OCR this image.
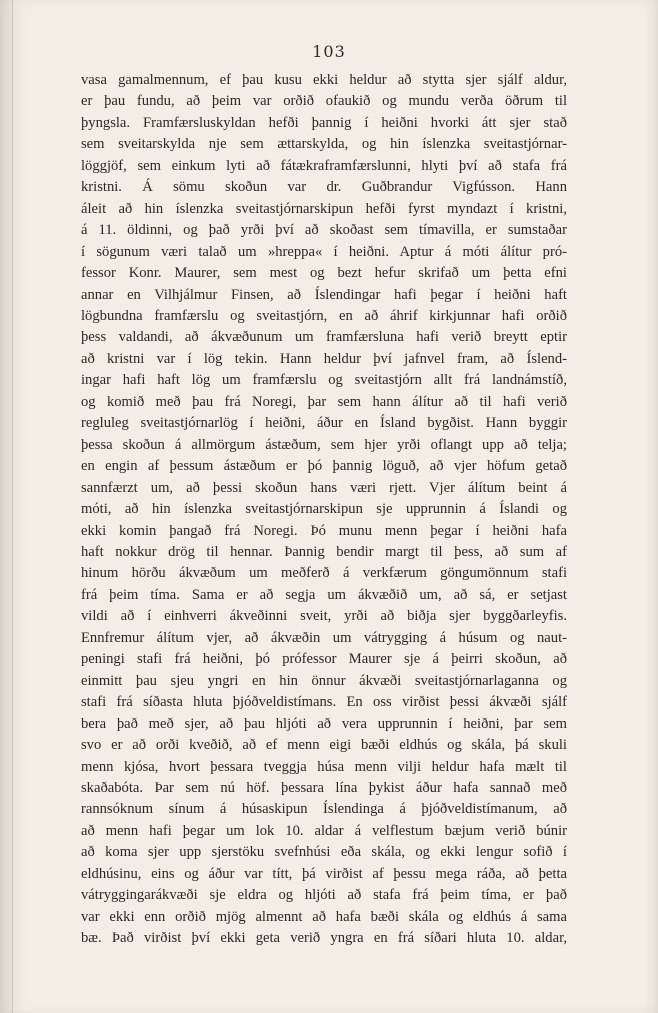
103
vasa gamalmennum, ef þau kusu ekki heldur að stytta sjer sjálf aldur,
er þau fundu, að þeim var orðið ofaukið og mundu verða öðrum til
þyngsla. Framfærsluskyldan hefði þannig í heiðni hvorki átt sjer stað
sem sveitarskylda nje sem ættarskylda, og hin íslenzka sveitastjórnar-
löggjöf, sem einkum lyti að fátækraframfærslunni, hlyti því að stafa frá
kristni. Á sömu skoðun var dr. Guðbrandur Vigfússon. Hann
áleit að hin íslenzka sveitastjórnarskipun hefði fyrst myndazt í kristni,
á 11. öldinni, og það yrði því að skoðast sem tímavilla, er sumstaðar
í sögunum væri talað um »hreppa« í heiðni. Aptur á móti álítur pró-
fessor Konr. Maurer, sem mest og bezt hefur skrifað um þetta efni
annar en Vilhjálmur Finsen, að Íslendingar hafi þegar í heiðni haft
lögbundna framfærslu og sveitastjórn, en að áhrif kirkjunnar hafi orðið
þess valdandi, að ákvæðunum um framfærsluna hafi verið breytt eptir
að kristni var í lög tekin. Hann heldur því jafnvel fram, að Íslend-
ingar hafi haft lög um framfærslu og sveitastjórn allt frá landnámstíð,
og komið með þau frá Noregi, þar sem hann álítur að til hafi verið
regluleg sveitastjórnarlög í heiðni, áður en Ísland bygðist. Hann byggir
þessa skoðun á allmörgum ástæðum, sem hjer yrði oflangt upp að telja;
en engin af þessum ástæðum er þó þannig löguð, að vjer höfum getað
sannfærzt um, að þessi skoðun hans væri rjett. Vjer álítum beint á
móti, að hin íslenzka sveitastjórnarskipun sje upprunnin á Íslandi og
ekki komin þangað frá Noregi. Þó munu menn þegar í heiðni hafa
haft nokkur drög til hennar. Þannig bendir margt til þess, að sum af
hinum hörðu ákvæðum um meðferð á verkfærum göngumönnum stafi
frá þeim tíma. Sama er að segja um ákvæðið um, að sá, er setjast
vildi að í einhverri ákveðinni sveit, yrði að biðja sjer byggðarleyfis.
Ennfremur álítum vjer, að ákvæðin um vátrygging á húsum og naut-
peningi stafi frá heiðni, þó prófessor Maurer sje á þeirri skoðun, að
einmitt þau sjeu yngri en hin önnur ákvæði sveitastjórnarlaganna og
stafi frá síðasta hluta þjóðveldistímans. En oss virðist þessi ákvæði sjálf
bera það með sjer, að þau hljóti að vera upprunnin í heiðni, þar sem
svo er að orði kveðið, að ef menn eigi bæði eldhús og skála, þá skuli
menn kjósa, hvort þessara tveggja húsa menn vilji heldur hafa mælt til
skaðabóta. Þar sem nú höf. þessara lína þykist áður hafa sannað með
rannsóknum sínum á húsaskipun Íslendinga á þjóðveldistímanum, að
að menn hafi þegar um lok 10. aldar á velflestum bæjum verið búnir
að koma sjer upp sjerstöku svefnhúsi eða skála, og ekki lengur sofið í
eldhúsinu, eins og áður var títt, þá virðist af þessu mega ráða, að þetta
vátryggingarákvæði sje eldra og hljóti að stafa frá þeim tíma, er það
var ekki enn orðið mjög almennt að hafa bæði skála og eldhús á sama
bæ. Það virðist því ekki geta verið yngra en frá síðari hluta 10. aldar,
